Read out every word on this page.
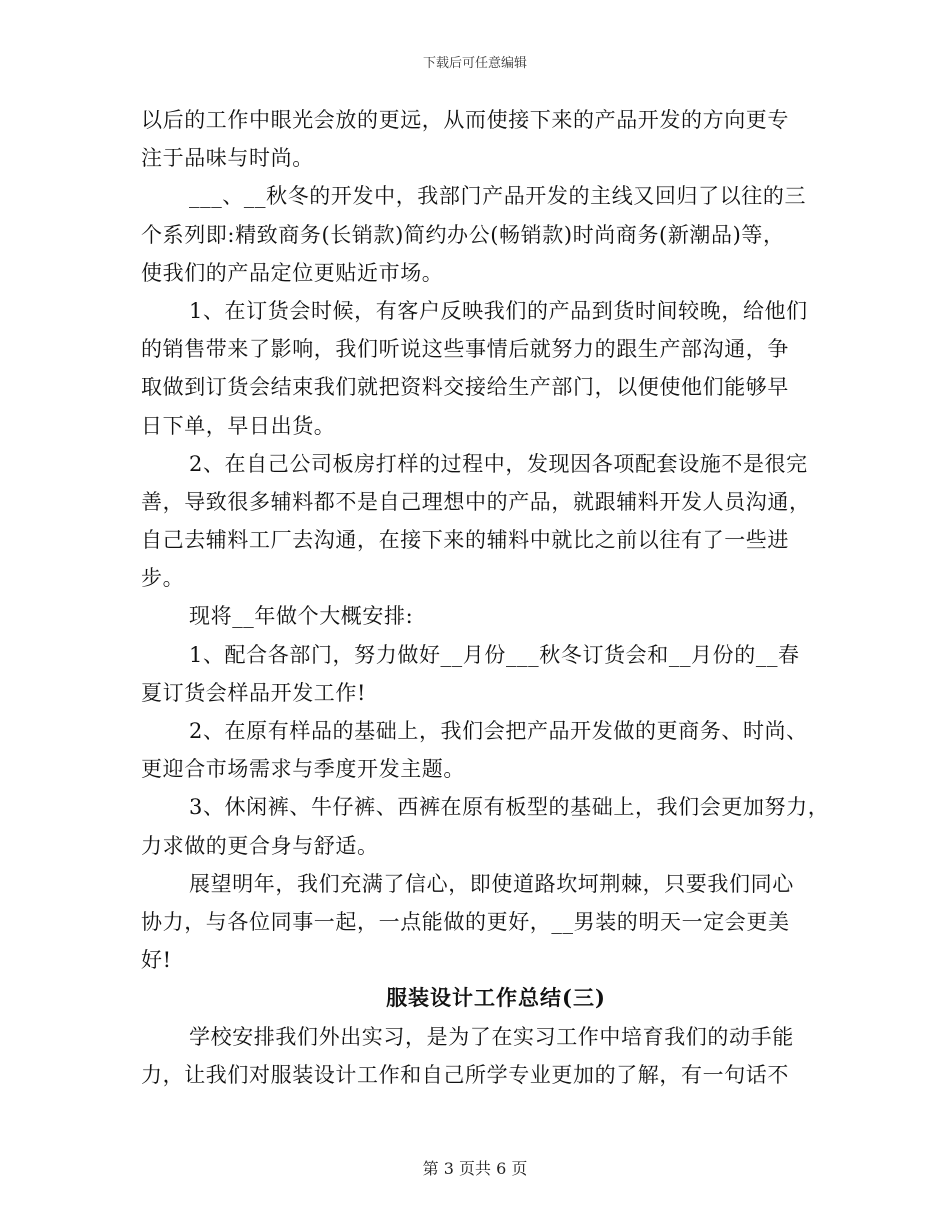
下载后可任意编辑
以后的工作中眼光会放的更远，从而使接下来的产品开发的方向更专
注于品味与时尚。
___、__秋冬的开发中，我部门产品开发的主线又回归了以往的三
个系列即:精致商务(长销款)简约办公(畅销款)时尚商务(新潮品)等，
使我们的产品定位更贴近市场。
1、在订货会时候，有客户反映我们的产品到货时间较晚，给他们
的销售带来了影响，我们听说这些事情后就努力的跟生产部沟通，争
取做到订货会结束我们就把资料交接给生产部门，以便使他们能够早
日下单，早日出货。
2、在自己公司板房打样的过程中，发现因各项配套设施不是很完
善，导致很多辅料都不是自己理想中的产品，就跟辅料开发人员沟通，
自己去辅料工厂去沟通，在接下来的辅料中就比之前以往有了一些进
步。
现将__年做个大概安排:
1、配合各部门，努力做好__月份___秋冬订货会和__月份的__春
夏订货会样品开发工作!
2、在原有样品的基础上，我们会把产品开发做的更商务、时尚、
更迎合市场需求与季度开发主题。
3、休闲裤、牛仔裤、西裤在原有板型的基础上，我们会更加努力，
力求做的更合身与舒适。
展望明年，我们充满了信心，即使道路坎坷荆棘，只要我们同心
协力，与各位同事一起，一点能做的更好，__男装的明天一定会更美
好!
服装设计工作总结(三)
学校安排我们外出实习，是为了在实习工作中培育我们的动手能
力，让我们对服装设计工作和自己所学专业更加的了解，有一句话不
第 3 页共 6 页
